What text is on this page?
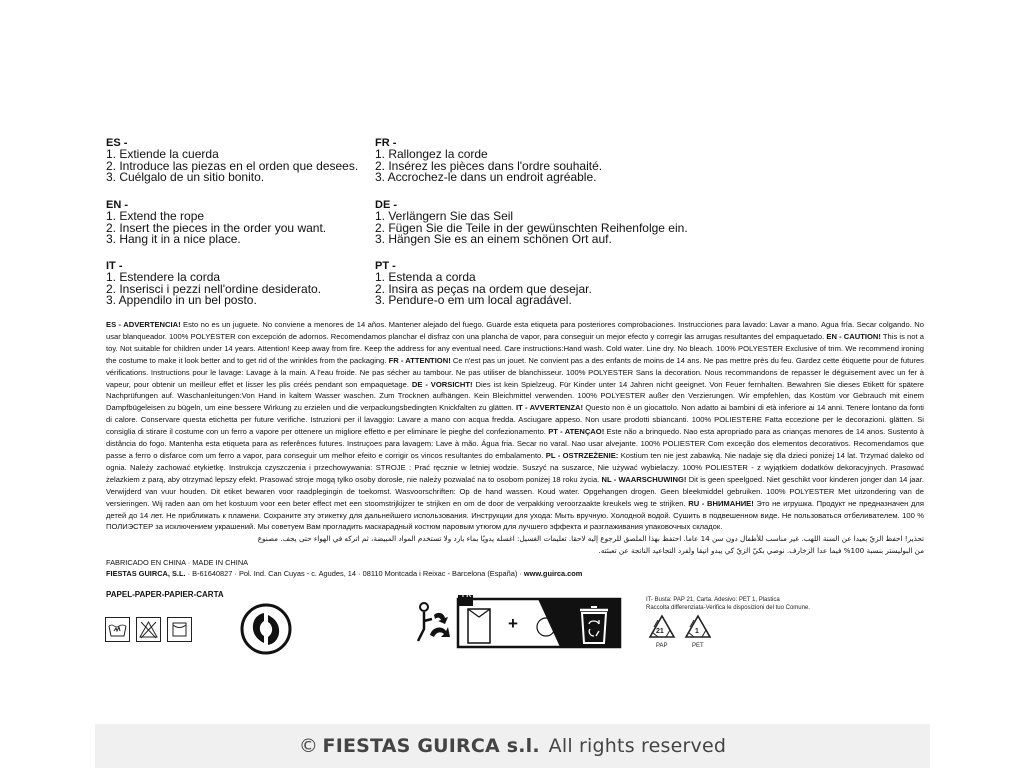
ES -
1. Extiende la cuerda
2. Introduce las piezas en el orden que desees.
3. Cuélgalo de un sitio bonito.
FR -
1. Rallongez la corde
2. Insérez les pièces dans l'ordre souhaité.
3. Accrochez-le dans un endroit agréable.
EN -
1. Extend the rope
2. Insert the pieces in the order you want.
3. Hang it in a nice place.
DE -
1. Verlängern Sie das Seil
2. Fügen Sie die Teile in der gewünschten Reihenfolge ein.
3. Hängen Sie es an einem schönen Ort auf.
IT -
1. Estendere la corda
2. Inserisci i pezzi nell'ordine desiderato.
3. Appendilo in un bel posto.
PT -
1. Estenda a corda
2. Insira as peças na ordem que desejar.
3. Pendure-o em um local agradável.

ES - ADVERTENCIA! Esto no es un juguete. No conviene a menores de 14 años. Mantener alejado del fuego. Guarde esta etiqueta para posteriores comprobaciones. Instrucciones para lavado: Lavar a mano. Agua fría. Secar colgando. No usar blanqueador. 100% POLYESTER con excepción de adornos. Recomendamos planchar el disfraz con una plancha de vapor, para conseguir un mejor efecto y corregir las arrugas resultantes del empaquetado.

EN - CAUTION! This is not a toy. Not suitable for children under 14 years. Attention! Keep away from fire. Keep the address for any eventual need. Care instructions:Hand wash. Cold water. Line dry. No bleach. 100% POLYESTER Exclusive of trim. We recommend ironing the costume to make it look better and to get rid of the wrinkles from the packaging.

FR - ATTENTION! Ce n'est pas un jouet. Ne convient pas a des enfants de moins de 14 ans. Ne pas mettre près du feu. Gardez cette étiquette pour de futures vérifications. Instructions pour le lavage: Lavage à la main. A l'eau froide. Ne pas sécher au tambour. Ne pas utiliser de blanchisseur. 100% POLYESTER Sans la decoration. Nous recommandons de repasser le déguisement avec un fer à vapeur, pour obtenir un meilleur effet et lisser les plis créés pendant son empaquetage.

DE - VORSICHT! Dies ist kein Spielzeug. Für Kinder unter 14 Jahren nicht geeignet. Von Feuer fernhalten. Bewahren Sie dieses Etikett für spätere Nachprüfungen auf. Waschanleitungen:Von Hand in kaltem Wasser waschen. Zum Trocknen aufhängen. Kein Bleichmittel verwenden. 100% POLYESTER außer den Verzierungen. Wir empfehlen, das Kostüm vor Gebrauch mit einem Dampfbügeleisen zu bügeln, um eine bessere Wirkung zu erzielen und die verpackungsbedingten Knickfalten zu glätten.

IT - AVVERTENZA! Questo non è un giocattolo. Non adatto ai bambini di età inferiore ai 14 anni. Tenere lontano da fonti di calore. Conservare questa etichetta per future verifiche. Istruzioni per il lavaggio: Lavare a mano con acqua fredda. Asciugare appeso. Non usare prodotti sbiancanti. 100% POLIESTERE Fatta eccezione per le decorazioni. glätten. Si consiglia di stirare il costume con un ferro a vapore per ottenere un migliore effetto e per eliminare le pieghe del confezionamento.

PT - ATENÇAO! Este não a brinquedo. Nao esta apropriado para as crianças menores de 14 anos. Sustento à distância do fogo. Mantenha esta etiqueta para as referênces futures. Instruçoes para lavagem: Lave à mão. Água fria. Secar no varal. Nao usar alvejante. 100% POLIESTER Com exceção dos elementos decorativos. Recomendamos que passe a ferro o disfarce com um ferro a vapor, para conseguir um melhor efeito e corrigir os vincos resultantes do embalamento.

PL - OSTRZEŻENIE: Kostium ten nie jest zabawką. Nie nadaje się dla dzieci poniżej 14 lat. Trzymać daleko od ognia. Należy zachować etykietkę. Instrukcja czyszczenia i przechowywania: STROJE : Prać ręcznie w letniej wodzie. Suszyć na suszarce, Nie używać wybielaczy. 100% POLIESTER - z wyjątkiem dodatków dekoracyjnych. Prasować żelazkiem z parą, aby otrzymać lepszy efekt. Prasować stroje mogą tylko osoby dorosłe, nie należy pozwalać na to osobom poniżej 18 roku życia.

NL - WAARSCHUWING! Dit is geen speelgoed. Niet geschikt voor kinderen jonger dan 14 jaar. Verwijderd van vuur houden. Dit etiket bewaren voor raadplegingin de toekomst. Wasvoorschriften: Op de hand wassen. Koud water. Opgehangen drogen. Geen bleekmiddel gebruiken. 100% POLYESTER Met uitzondering van de versieringen. Wij raden aan om het kostuum voor een beter effect met een stoomstrijkijzer te strijken en om de door de verpakking veroorzaakte kreukels weg te strijken.

RU - ВНИМАНИЕ! Это не игрушка. Продукт не предназначен для детей до 14 лет. Не приближать к пламени. Сохраните эту этикетку для дальнейшего использования. Инструкции для ухода: Мыть вручную. Холодной водой. Сушить в подвешенном виде. Не пользоваться отбеливателем. 100 % ПОЛИЭСТЕР за исключением украшений. Мы советуем Вам прогладить маскарадный костюм паровым утюгом для лучшего эффекта и разглаживания упаковочных складок.

تحذير! احفظ الزيّ بعيدا عن السنة اللهب. غير مناسب للأطفال دون سن 14 عاما. احتفظ بهذا الملصق للرجوع إليه لاحقا. تعليمات الغسيل: اغسله يدويًا بماء بارد ولا تستخدم المواد المبيضة، ثم اتركه في الهواء حتى يجف. مصنوع
من البوليستر بنسبة 100% فيما عدا الزخارف. نوصي بكيّ الزيّ كي يبدو انيقا ولفرد التجاعيد الناتجة عن تعبئته.
FABRICADO EN CHINA · MADE IN CHINA
FIESTAS GUIRCA, S.L. · B-61640827 · Pol. Ind. Can Cuyas - c. Agudes, 14 · 08110 Montcada i Reixac - Barcelona (España) · www.guirca.com
PAPEL-PAPER-PAPIER-CARTA	FR
+
IT- Busta: PAP 21, Carta. Adesivo: PET 1, Plastica
Raccolta differenziata-Verifica le disposizioni del tuo Comune.
21
PAP
1
PET
©
FIESTAS GUIRCA s.l.
All rights reserved
